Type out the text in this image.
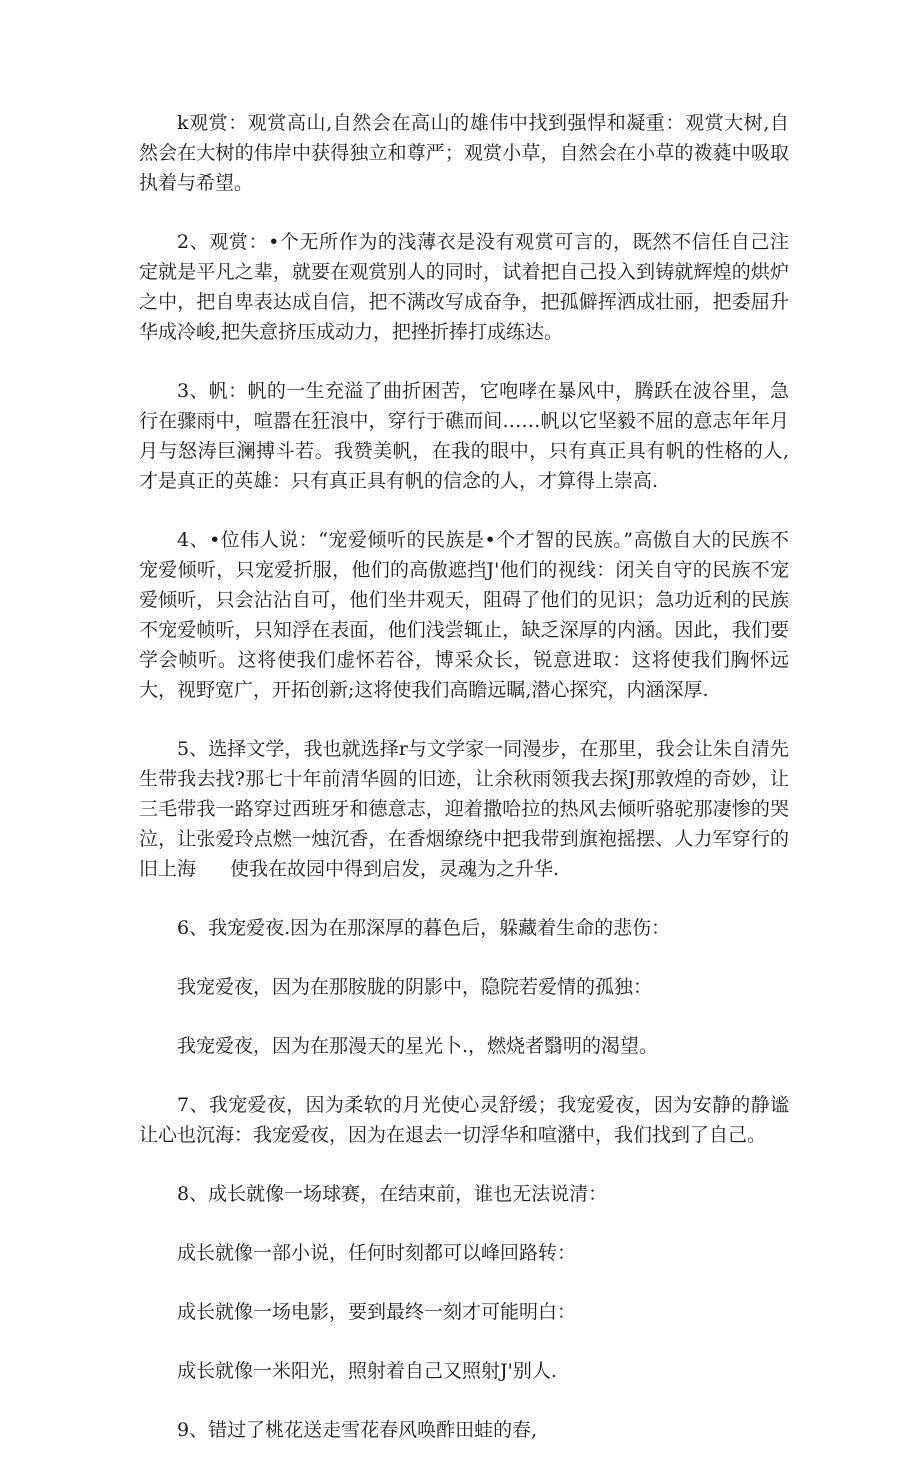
k观赏：观赏高山,自然会在高山的雄伟中找到强悍和凝重：观赏大树,自然会在大树的伟岸中获得独立和尊严；观赏小草，自然会在小草的袯蕤中吸取执着与希望。

2、观赏：•个无所作为的浅薄衣是没有观赏可言的，既然不信任自己注定就是平凡之辈，就要在观赏别人的同时，试着把自己投入到铸就辉煌的烘炉之中，把自卑表达成自信，把不满改写成奋争，把孤僻挥洒成壮丽，把委屈升华成冷峻,把失意挤压成动力，把挫折捧打成练达。

3、帆：帆的一生充溢了曲折困苦，它咆哮在暴风中，腾跃在波谷里，急行在骤雨中，喧嚣在狂浪中，穿行于礁而间……帆以它坚毅不屈的意志年年月月与怒涛巨澜搏斗若。我赞美帆，在我的眼中，只有真正具有帆的性格的人,才是真正的英雄：只有真正具有帆的信念的人，才算得上崇高.

4、•位伟人说：“宠爱倾听的民族是•个才智的民族。”高傲自大的民族不宠爱倾听，只宠爱折服，他们的高傲遮挡J'他们的视线：闭关自守的民族不宠爱倾听，只会沾沾自可，他们坐井观天，阻碍了他们的见识；急功近利的民族不宠爱帧听，只知浮在表面，他们浅尝辄止，缺乏深厚的内涵。因此，我们要学会帧听。这将使我们虚怀若谷，博采众长，锐意进取：这将使我们胸怀远大，视野宽广，开拓创新;这将使我们高瞻远瞩,潜心探究，内涵深厚.

5、选择文学，我也就选择r与文学家一同漫步，在那里，我会让朱自清先生带我去找?那七十年前清华圆的旧迹，让余秋雨领我去探J那敦煌的奇妙，让三毛带我一路穿过西班牙和德意志，迎着撒哈拉的热风去倾听骆驼那凄惨的哭泣，让张爱玲点燃一烛沉香，在香烟缭绕中把我带到旗袍摇摆、人力军穿行的旧上海 使我在故园中得到启发，灵魂为之升华.

6、我宠爱夜.因为在那深厚的暮色后，躲藏着生命的悲伤：

我宠爱夜，因为在那胺胧的阴影中，隐院若爱情的孤独：

我宠爱夜，因为在那漫天的星光卜.，燃烧者翳明的渴望。

7、我宠爱夜，因为柔软的月光使心灵舒缓；我宠爱夜，因为安静的静谧让心也沉海：我宠爱夜，因为在退去一切浮华和喧潴中，我们找到了自己。

8、成长就像一场球赛，在结束前，谁也无法说清：

成长就像一部小说，任何时刻都可以峰回路转：

成长就像一场电影，要到最终一刻才可能明白：

成长就像一米阳光，照射着自己又照射J'别人.

9、错过了桃花送走雪花春风唤酢田蛙的春,
